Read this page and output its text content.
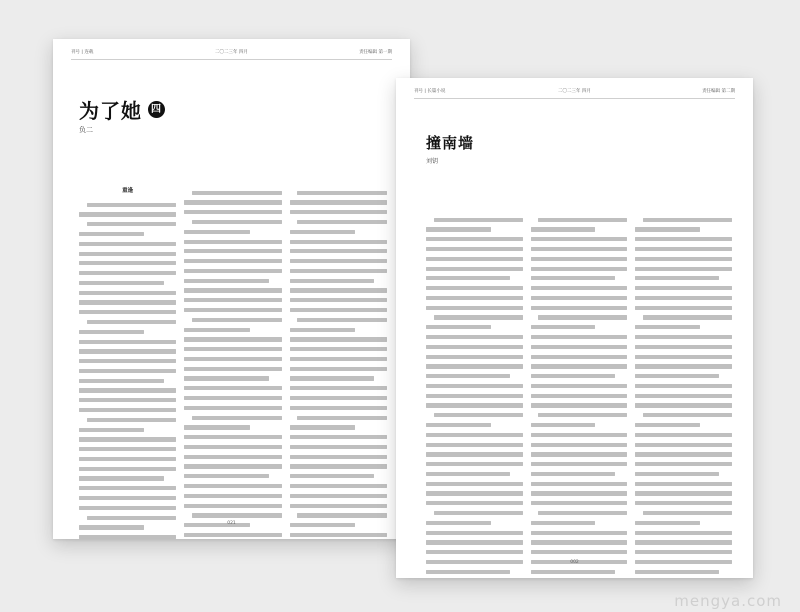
刊号 | 连载	二〇二三年 四月	责任编辑 第一期
为了她 四
负二
重逢
021
刊号 | 长篇小说	二〇二三年 四月	责任编辑 第二期
撞南墙
刘钥
002
mengya.com
